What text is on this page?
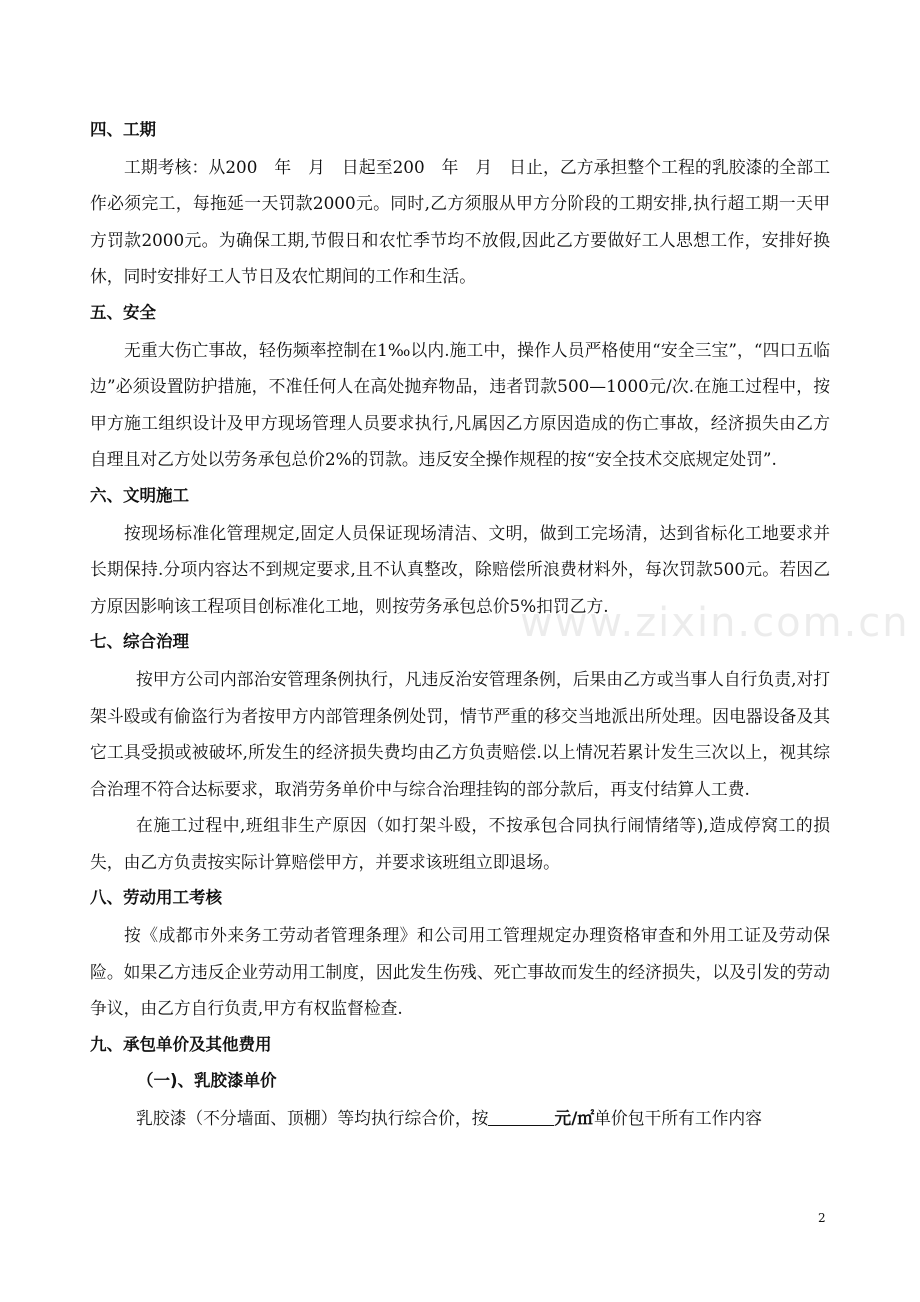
www.zixin.com.cn

四、工期

工期考核：从200　年　月　日起至200　年　月　日止，乙方承担整个工程的乳胶漆的全部工作必须完工，每拖延一天罚款2000元。同时,乙方须服从甲方分阶段的工期安排,执行超工期一天甲方罚款2000元。为确保工期,节假日和农忙季节均不放假,因此乙方要做好工人思想工作，安排好换休，同时安排好工人节日及农忙期间的工作和生活。

五、安全

无重大伤亡事故，轻伤频率控制在1‰以内.施工中，操作人员严格使用“安全三宝”，“四口五临边”必须设置防护措施，不准任何人在高处抛弃物品，违者罚款500—1000元/次.在施工过程中，按甲方施工组织设计及甲方现场管理人员要求执行,凡属因乙方原因造成的伤亡事故，经济损失由乙方自理且对乙方处以劳务承包总价2%的罚款。违反安全操作规程的按“安全技术交底规定处罚”.

六、文明施工

按现场标准化管理规定,固定人员保证现场清洁、文明，做到工完场清，达到省标化工地要求并长期保持.分项内容达不到规定要求,且不认真整改，除赔偿所浪费材料外，每次罚款500元。若因乙方原因影响该工程项目创标准化工地，则按劳务承包总价5%扣罚乙方.

七、综合治理

按甲方公司内部治安管理条例执行，凡违反治安管理条例，后果由乙方或当事人自行负责,对打架斗殴或有偷盗行为者按甲方内部管理条例处罚，情节严重的移交当地派出所处理。因电器设备及其它工具受损或被破坏,所发生的经济损失费均由乙方负责赔偿.以上情况若累计发生三次以上，视其综合治理不符合达标要求，取消劳务单价中与综合治理挂钩的部分款后，再支付结算人工费.

在施工过程中,班组非生产原因（如打架斗殴，不按承包合同执行闹情绪等),造成停窝工的损失，由乙方负责按实际计算赔偿甲方，并要求该班组立即退场。

八、劳动用工考核

按《成都市外来务工劳动者管理条理》和公司用工管理规定办理资格审查和外用工证及劳动保险。如果乙方违反企业劳动用工制度，因此发生伤残、死亡事故而发生的经济损失，以及引发的劳动争议，由乙方自行负责,甲方有权监督检查.

九、承包单价及其他费用

（一)、乳胶漆单价

乳胶漆（不分墙面、顶棚）等均执行综合价，按	元/㎡单价包干所有工作内容

2
